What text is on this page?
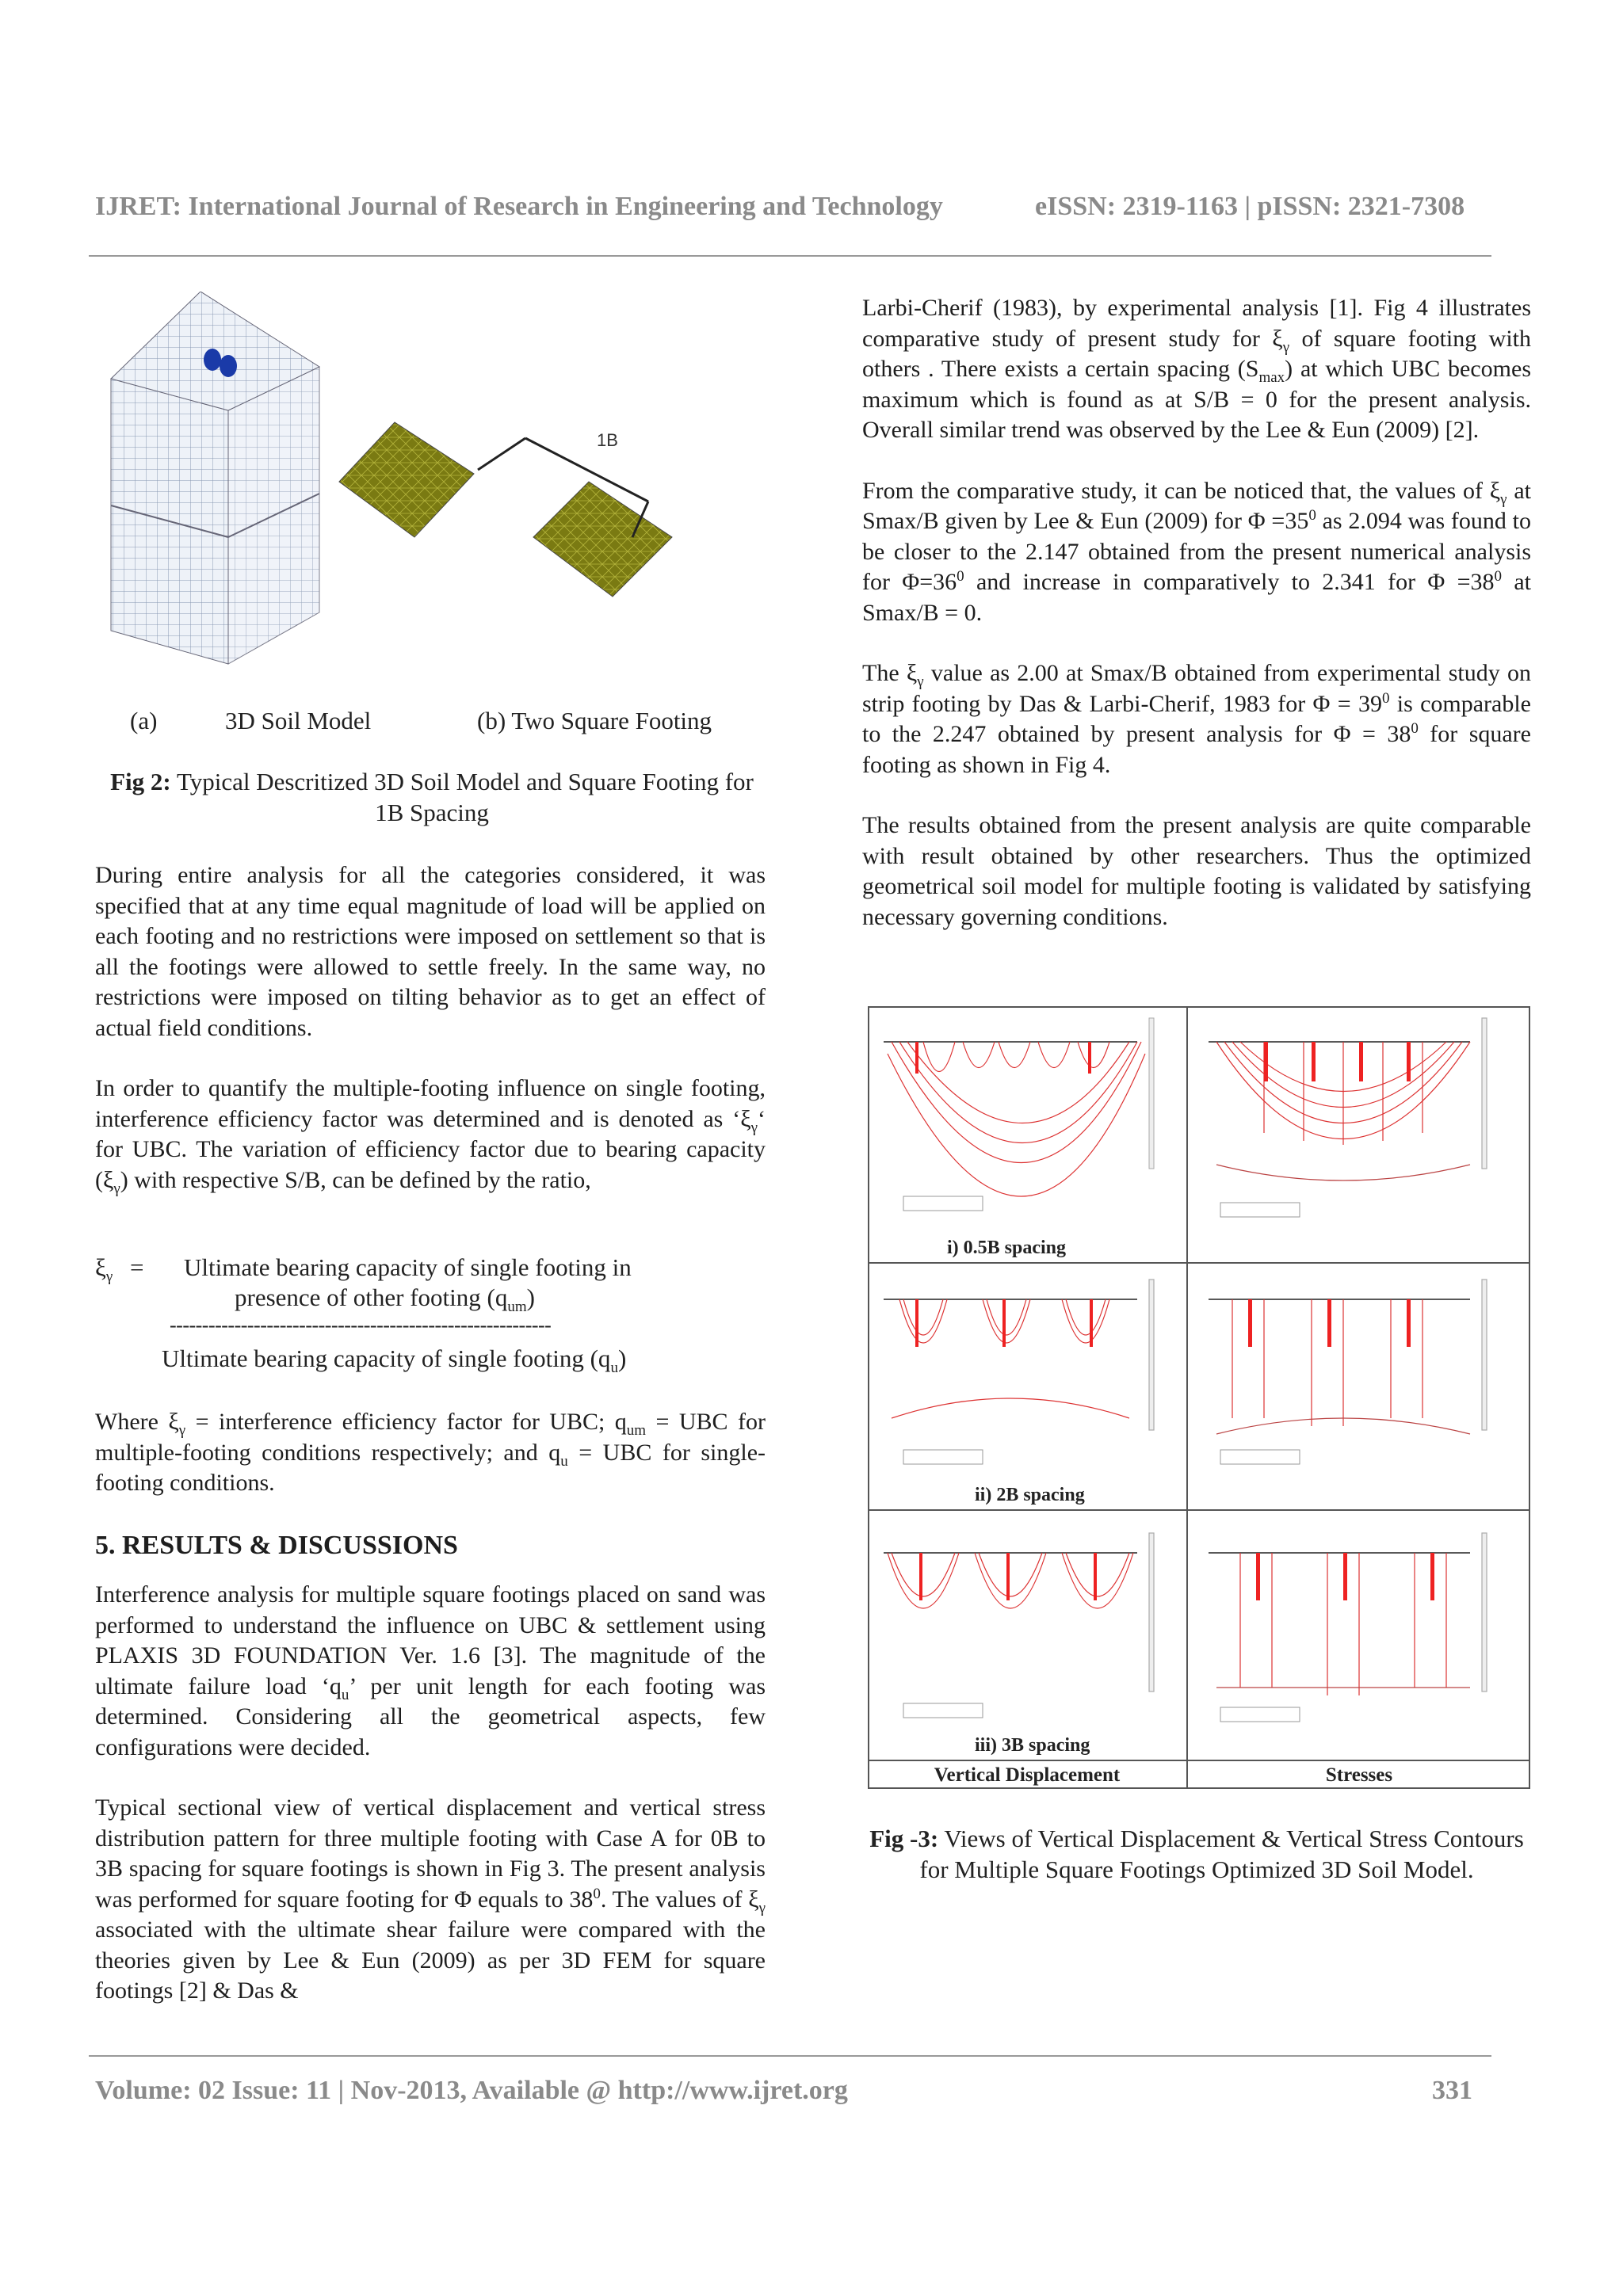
IJRET: International Journal of Research in Engineering and Technology	eISSN: 2319-1163 | pISSN: 2321-7308
1B
(a)	3D Soil Model	(b) Two Square Footing
Fig 2: Typical Descritized 3D Soil Model and Square Footing for 1B Spacing

During entire analysis for all the categories considered, it was specified that at any time equal magnitude of load will be applied on each footing and no restrictions were imposed on settlement so that is all the footings were allowed to settle freely. In the same way, no restrictions were imposed on tilting behavior as to get an effect of actual field conditions.

In order to quantify the multiple-footing influence on single footing, interference efficiency factor was determined and is denoted as ‘$\xi_\gamma‘$ for UBC. The variation of efficiency factor due to bearing capacity $(\xi_\gamma)$ with respective S/B, can be defined by the ratio,

$\xi_\gamma$ = Ultimate bearing capacity of single footing in
presence of other footing $(q_{um})$
-----------------------------------------------------------
Ultimate bearing capacity of single footing $(q_u)$

Where $\xi_\gamma$ = interference efficiency factor for UBC; $q_{um}$ = UBC for multiple-footing conditions respectively; and $q_u$ = UBC for single-footing conditions.

5. RESULTS & DISCUSSIONS

Interference analysis for multiple square footings placed on sand was performed to understand the influence on UBC & settlement using PLAXIS 3D FOUNDATION Ver. 1.6 [3]. The magnitude of the ultimate failure load ‘$q_u$’ per unit length for each footing was determined. Considering all the geometrical aspects, few configurations were decided.

Typical sectional view of vertical displacement and vertical stress distribution pattern for three multiple footing with Case A for 0B to 3B spacing for square footings is shown in Fig 3. The present analysis was performed for square footing for Φ equals to $38^0$. The values of $\xi_\gamma$ associated with the ultimate shear failure were compared with the theories given by Lee & Eun (2009) as per 3D FEM for square footings [2] & Das &

Larbi-Cherif (1983), by experimental analysis [1]. Fig 4 illustrates comparative study of present study for $\xi_\gamma$ of square footing with others . There exists a certain spacing $(S_{max})$ at which UBC becomes maximum which is found as at S/B = 0 for the present analysis. Overall similar trend was observed by the Lee & Eun (2009) [2].

From the comparative study, it can be noticed that, the values of $\xi_\gamma$ at Smax/B given by Lee & Eun (2009) for $\Phi =35^0$ as 2.094 was found to be closer to the 2.147 obtained from the present numerical analysis for $\Phi=36^0$ and increase in comparatively to 2.341 for $\Phi =38^0$ at Smax/B = 0.

The $\xi_\gamma$ value as 2.00 at Smax/B obtained from experimental study on strip footing by Das & Larbi-Cherif, 1983 for $\Phi = 39^0$ is comparable to the 2.247 obtained by present analysis for $\Phi = 38^0$ for square footing as shown in Fig 4.

The results obtained from the present analysis are quite comparable with result obtained by other researchers. Thus the optimized geometrical soil model for multiple footing is validated by satisfying necessary governing conditions.

i) 0.5B spacing
ii) 2B spacing
iii) 3B spacing
Vertical Displacement	Stresses
Fig -3: Views of Vertical Displacement & Vertical Stress Contours for Multiple Square Footings Optimized 3D Soil Model.
Volume: 02 Issue: 11 | Nov-2013, Available @ http://www.ijret.org	331
